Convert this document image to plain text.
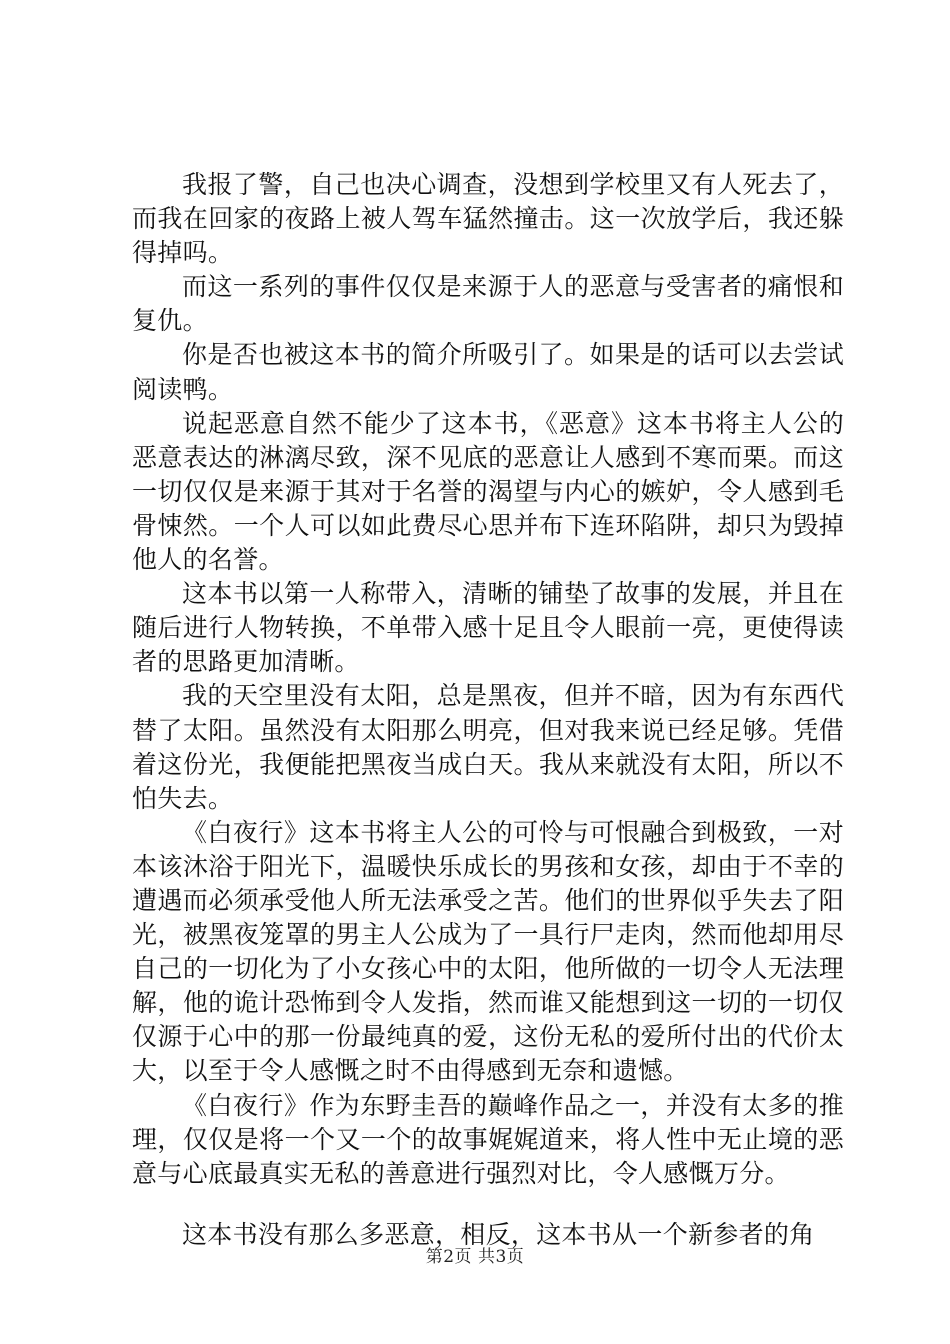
我报了警，自己也决心调查，没想到学校里又有人死去了，而我在回家的夜路上被人驾车猛然撞击。这一次放学后，我还躲得掉吗。

而这一系列的事件仅仅是来源于人的恶意与受害者的痛恨和复仇。

你是否也被这本书的简介所吸引了。如果是的话可以去尝试阅读鸭。

说起恶意自然不能少了这本书，《恶意》这本书将主人公的恶意表达的淋漓尽致，深不见底的恶意让人感到不寒而栗。而这一切仅仅是来源于其对于名誉的渴望与内心的嫉妒，令人感到毛骨悚然。一个人可以如此费尽心思并布下连环陷阱，却只为毁掉他人的名誉。

这本书以第一人称带入，清晰的铺垫了故事的发展，并且在随后进行人物转换，不单带入感十足且令人眼前一亮，更使得读者的思路更加清晰。

我的天空里没有太阳，总是黑夜，但并不暗，因为有东西代替了太阳。虽然没有太阳那么明亮，但对我来说已经足够。凭借着这份光，我便能把黑夜当成白天。我从来就没有太阳，所以不怕失去。

《白夜行》这本书将主人公的可怜与可恨融合到极致，一对本该沐浴于阳光下，温暖快乐成长的男孩和女孩，却由于不幸的遭遇而必须承受他人所无法承受之苦。他们的世界似乎失去了阳光，被黑夜笼罩的男主人公成为了一具行尸走肉，然而他却用尽自己的一切化为了小女孩心中的太阳，他所做的一切令人无法理解，他的诡计恐怖到令人发指，然而谁又能想到这一切的一切仅仅源于心中的那一份最纯真的爱，这份无私的爱所付出的代价太大，以至于令人感慨之时不由得感到无奈和遗憾。

《白夜行》作为东野圭吾的巅峰作品之一，并没有太多的推理，仅仅是将一个又一个的故事娓娓道来，将人性中无止境的恶意与心底最真实无私的善意进行强烈对比，令人感慨万分。

这本书没有那么多恶意，相反，这本书从一个新参者的角

第2页 共3页
